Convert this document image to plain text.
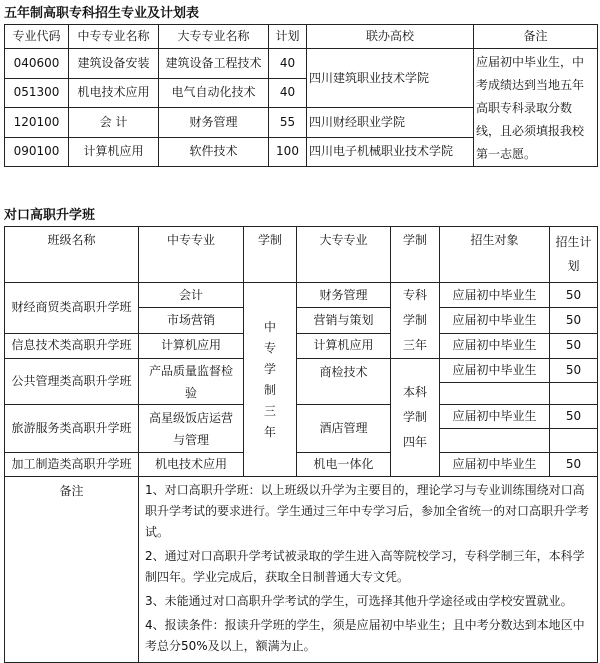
五年制高职专科招生专业及计划表
专业代码	中专专业名称	大专专业名称	计划	联办高校	备注
040600	建筑设备安装	建筑设备工程技术	40	四川建筑职业技术学院	应届初中毕业生，中考成绩达到当地五年高职专科录取分数线，且必须填报我校第一志愿。
051300	机电技术应用	电气自动化技术	40		
120100	会 计	财务管理	55	四川财经职业学院	
090100	计算机应用	软件技术	100	四川电子机械职业技术学院	
对口高职升学班
班级名称	中专专业	学制	大专专业	学制	招生对象	招生计划
财经商贸类高职升学班	会计	中专学制三年	财务管理	专科学制三年	应届初中毕业生	50
	市场营销		营销与策划		应届初中毕业生	50
信息技术类高职升学班	计算机应用		计算机应用		应届初中毕业生	50
公共管理类高职升学班	产品质量监督检验		商检技术	本科学制四年	应届初中毕业生	50

旅游服务类高职升学班	高星级饭店运营与管理		酒店管理		应届初中毕业生	50

加工制造类高职升学班	机电技术应用		机电一体化		应届初中毕业生	50
备注	1、对口高职升学班：以上班级以升学为主要目的，理论学习与专业训练围绕对口高职升学考试的要求进行。学生通过三年中专学习后，参加全省统一的对口高职升学考试。

2、通过对口高职升学考试被录取的学生进入高等院校学习，专科学制三年，本科学制四年。学业完成后，获取全日制普通大专文凭。

3、未能通过对口高职升学考试的学生，可选择其他升学途径或由学校安置就业。

4、报读条件：报读升学班的学生，须是应届初中毕业生；且中考分数达到本地区中考总分50%及以上，额满为止。					
